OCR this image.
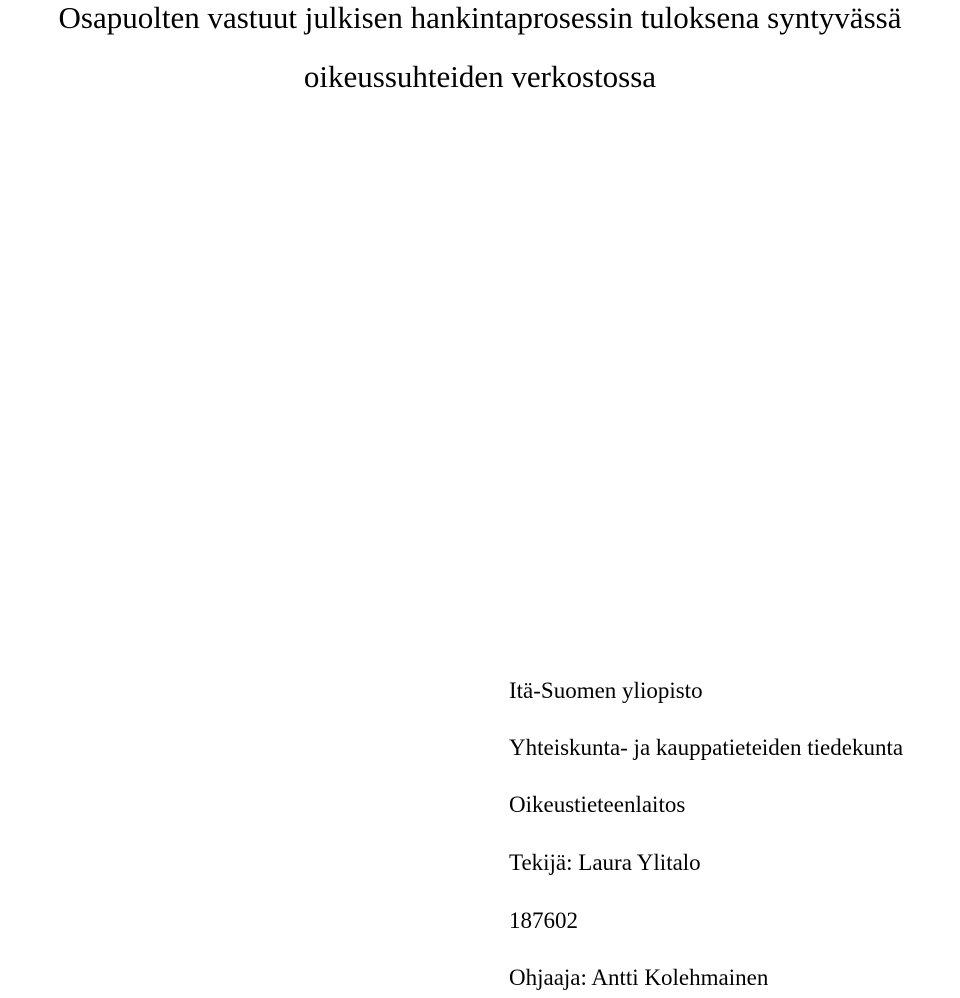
Osapuolten vastuut julkisen hankintaprosessin tuloksena syntyvässä
oikeussuhteiden verkostossa
Itä-Suomen yliopisto
Yhteiskunta- ja kauppatieteiden tiedekunta
Oikeustieteenlaitos
Tekijä: Laura Ylitalo
187602
Ohjaaja: Antti Kolehmainen
